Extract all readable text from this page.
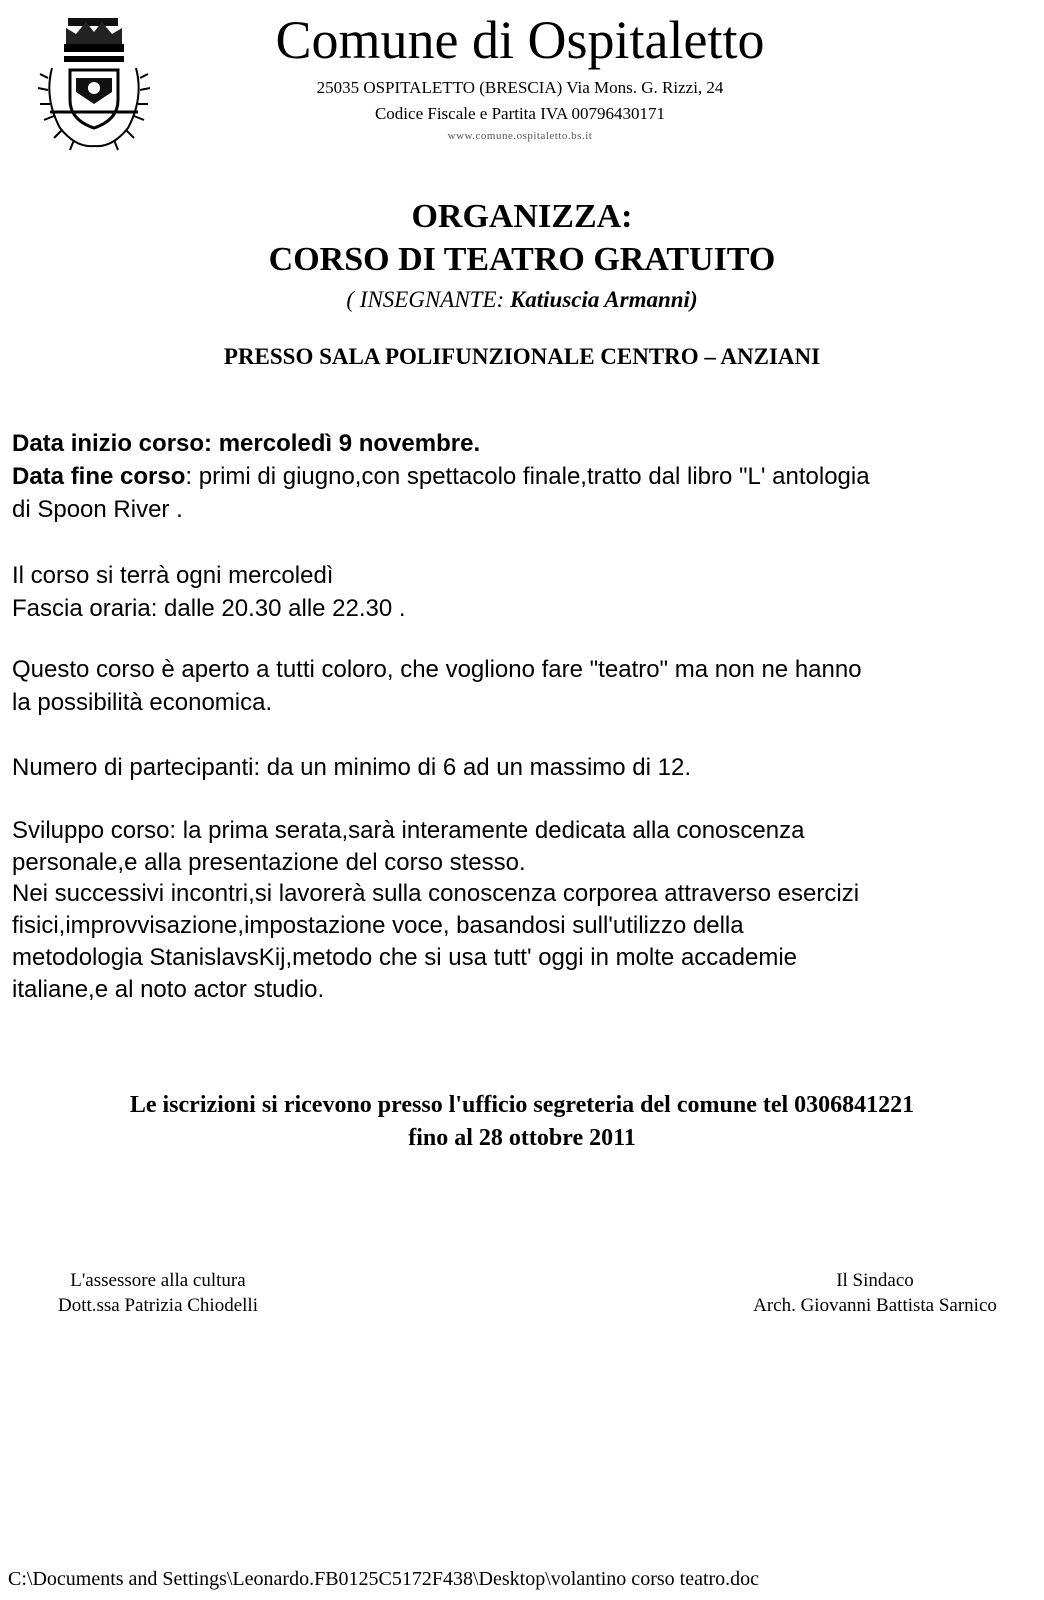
Comune di Ospitaletto
25035 OSPITALETTO (BRESCIA) Via Mons. G. Rizzi, 24
Codice Fiscale e Partita IVA 00796430171
www.comune.ospitaletto.bs.it
ORGANIZZA:
CORSO DI TEATRO GRATUITO
( INSEGNANTE: Katiuscia Armanni)
PRESSO SALA POLIFUNZIONALE CENTRO – ANZIANI
Data inizio corso: mercoledì 9 novembre.
Data fine corso: primi di giugno,con spettacolo finale,tratto dal libro "L' antologia
di Spoon River .
Il corso si terrà ogni mercoledì
Fascia oraria: dalle 20.30 alle 22.30 .
Questo corso è aperto a tutti coloro, che vogliono fare "teatro" ma non ne hanno
la possibilità economica.
Numero di partecipanti: da un minimo di 6 ad un massimo di 12.
Sviluppo corso: la prima serata,sarà interamente dedicata alla conoscenza
personale,e alla presentazione del corso stesso.
Nei successivi incontri,si lavorerà sulla conoscenza corporea attraverso esercizi
fisici,improvvisazione,impostazione voce, basandosi sull'utilizzo della
metodologia StanislavsKij,metodo che si usa tutt' oggi in molte accademie
italiane,e al noto actor studio.
Le iscrizioni si ricevono presso l'ufficio segreteria del comune tel 0306841221
fino al 28 ottobre 2011
L'assessore alla cultura
Dott.ssa Patrizia Chiodelli
Il Sindaco
Arch. Giovanni Battista Sarnico
C:\Documents and Settings\Leonardo.FB0125C5172F438\Desktop\volantino corso teatro.doc
